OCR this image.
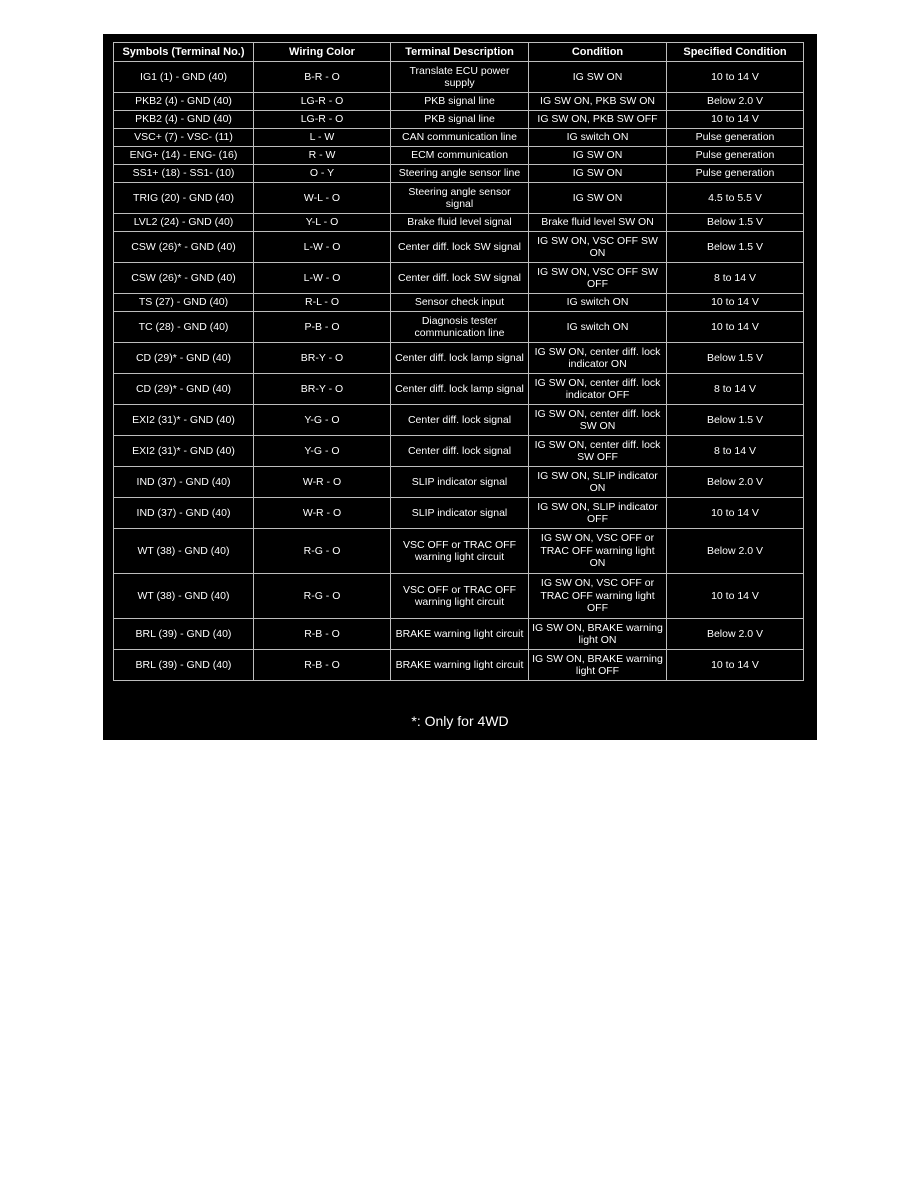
Symbols (Terminal No.)	Wiring Color	Terminal Description	Condition	Specified Condition
IG1 (1) - GND (40)	B-R - O	Translate ECU power supply	IG SW ON	10 to 14 V
PKB2 (4) - GND (40)	LG-R - O	PKB signal line	IG SW ON, PKB SW ON	Below 2.0 V
PKB2 (4) - GND (40)	LG-R - O	PKB signal line	IG SW ON, PKB SW OFF	10 to 14 V
VSC+ (7) - VSC- (11)	L - W	CAN communication line	IG switch ON	Pulse generation
ENG+ (14) - ENG- (16)	R - W	ECM communication	IG SW ON	Pulse generation
SS1+ (18) - SS1- (10)	O - Y	Steering angle sensor line	IG SW ON	Pulse generation
TRIG (20) - GND (40)	W-L - O	Steering angle sensor signal	IG SW ON	4.5 to 5.5 V
LVL2 (24) - GND (40)	Y-L - O	Brake fluid level signal	Brake fluid level SW ON	Below 1.5 V
CSW (26)* - GND (40)	L-W - O	Center diff. lock SW signal	IG SW ON, VSC OFF SW ON	Below 1.5 V
CSW (26)* - GND (40)	L-W - O	Center diff. lock SW signal	IG SW ON, VSC OFF SW OFF	8 to 14 V
TS (27) - GND (40)	R-L - O	Sensor check input	IG switch ON	10 to 14 V
TC (28) - GND (40)	P-B - O	Diagnosis tester communication line	IG switch ON	10 to 14 V
CD (29)* - GND (40)	BR-Y - O	Center diff. lock lamp signal	IG SW ON, center diff. lock indicator ON	Below 1.5 V
CD (29)* - GND (40)	BR-Y - O	Center diff. lock lamp signal	IG SW ON, center diff. lock indicator OFF	8 to 14 V
EXI2 (31)* - GND (40)	Y-G - O	Center diff. lock signal	IG SW ON, center diff. lock SW ON	Below 1.5 V
EXI2 (31)* - GND (40)	Y-G - O	Center diff. lock signal	IG SW ON, center diff. lock SW OFF	8 to 14 V
IND (37) - GND (40)	W-R - O	SLIP indicator signal	IG SW ON, SLIP indicator ON	Below 2.0 V
IND (37) - GND (40)	W-R - O	SLIP indicator signal	IG SW ON, SLIP indicator OFF	10 to 14 V
WT (38) - GND (40)	R-G - O	VSC OFF or TRAC OFF warning light circuit	IG SW ON, VSC OFF or TRAC OFF warning light ON	Below 2.0 V
WT (38) - GND (40)	R-G - O	VSC OFF or TRAC OFF warning light circuit	IG SW ON, VSC OFF or TRAC OFF warning light OFF	10 to 14 V
BRL (39) - GND (40)	R-B - O	BRAKE warning light circuit	IG SW ON, BRAKE warning light ON	Below 2.0 V
BRL (39) - GND (40)	R-B - O	BRAKE warning light circuit	IG SW ON, BRAKE warning light OFF	10 to 14 V
*: Only for 4WD
